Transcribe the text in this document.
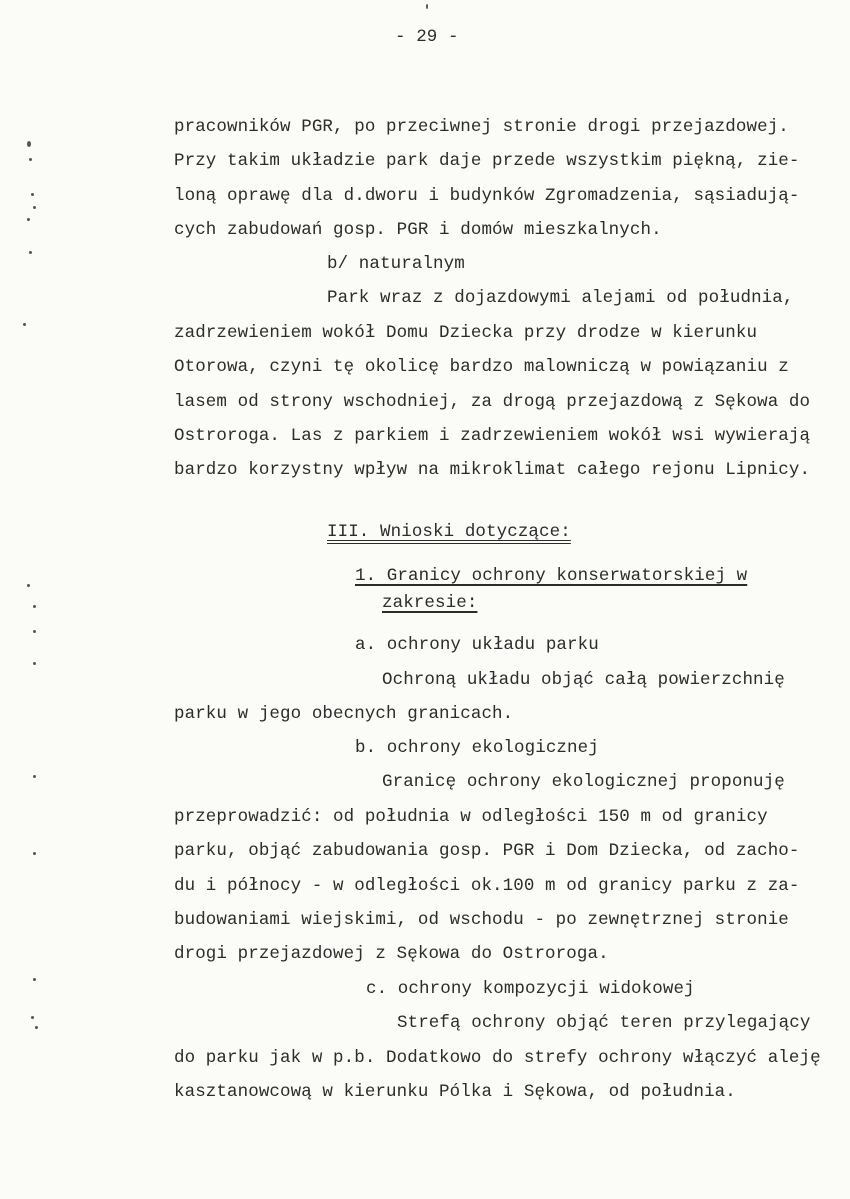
- 29 -
pracowników PGR, po przeciwnej stronie drogi przejazdowej.
Przy takim układzie park daje przede wszystkim piękną, zie-
loną oprawę dla d.dworu i budynków Zgromadzenia, sąsiadują-
cych zabudowań gosp. PGR i domów mieszkalnych.
b/ naturalnym
Park wraz z dojazdowymi alejami od południa,
zadrzewieniem wokół Domu Dziecka przy drodze w kierunku
Otorowa, czyni tę okolicę bardzo malowniczą w powiązaniu z
lasem od strony wschodniej, za drogą przejazdową z Sękowa do
Ostroroga. Las z parkiem i zadrzewieniem wokół wsi wywierają
bardzo korzystny wpływ na mikroklimat całego rejonu Lipnicy.
III. Wnioski dotyczące:
1. Granicy ochrony konserwatorskiej w
zakresie:
a. ochrony układu parku
Ochroną układu objąć całą powierzchnię
parku w jego obecnych granicach.
b. ochrony ekologicznej
Granicę ochrony ekologicznej proponuję
przeprowadzić: od południa w odległości 150 m od granicy
parku, objąć zabudowania gosp. PGR i Dom Dziecka, od zacho-
du i północy - w odległości ok.100 m od granicy parku z za-
budowaniami wiejskimi, od wschodu - po zewnętrznej stronie
drogi przejazdowej z Sękowa do Ostroroga.
c. ochrony kompozycji widokowej
Strefą ochrony objąć teren przylegający
do parku jak w p.b. Dodatkowo do strefy ochrony włączyć aleję
kasztanowcową w kierunku Pólka i Sękowa, od południa.
